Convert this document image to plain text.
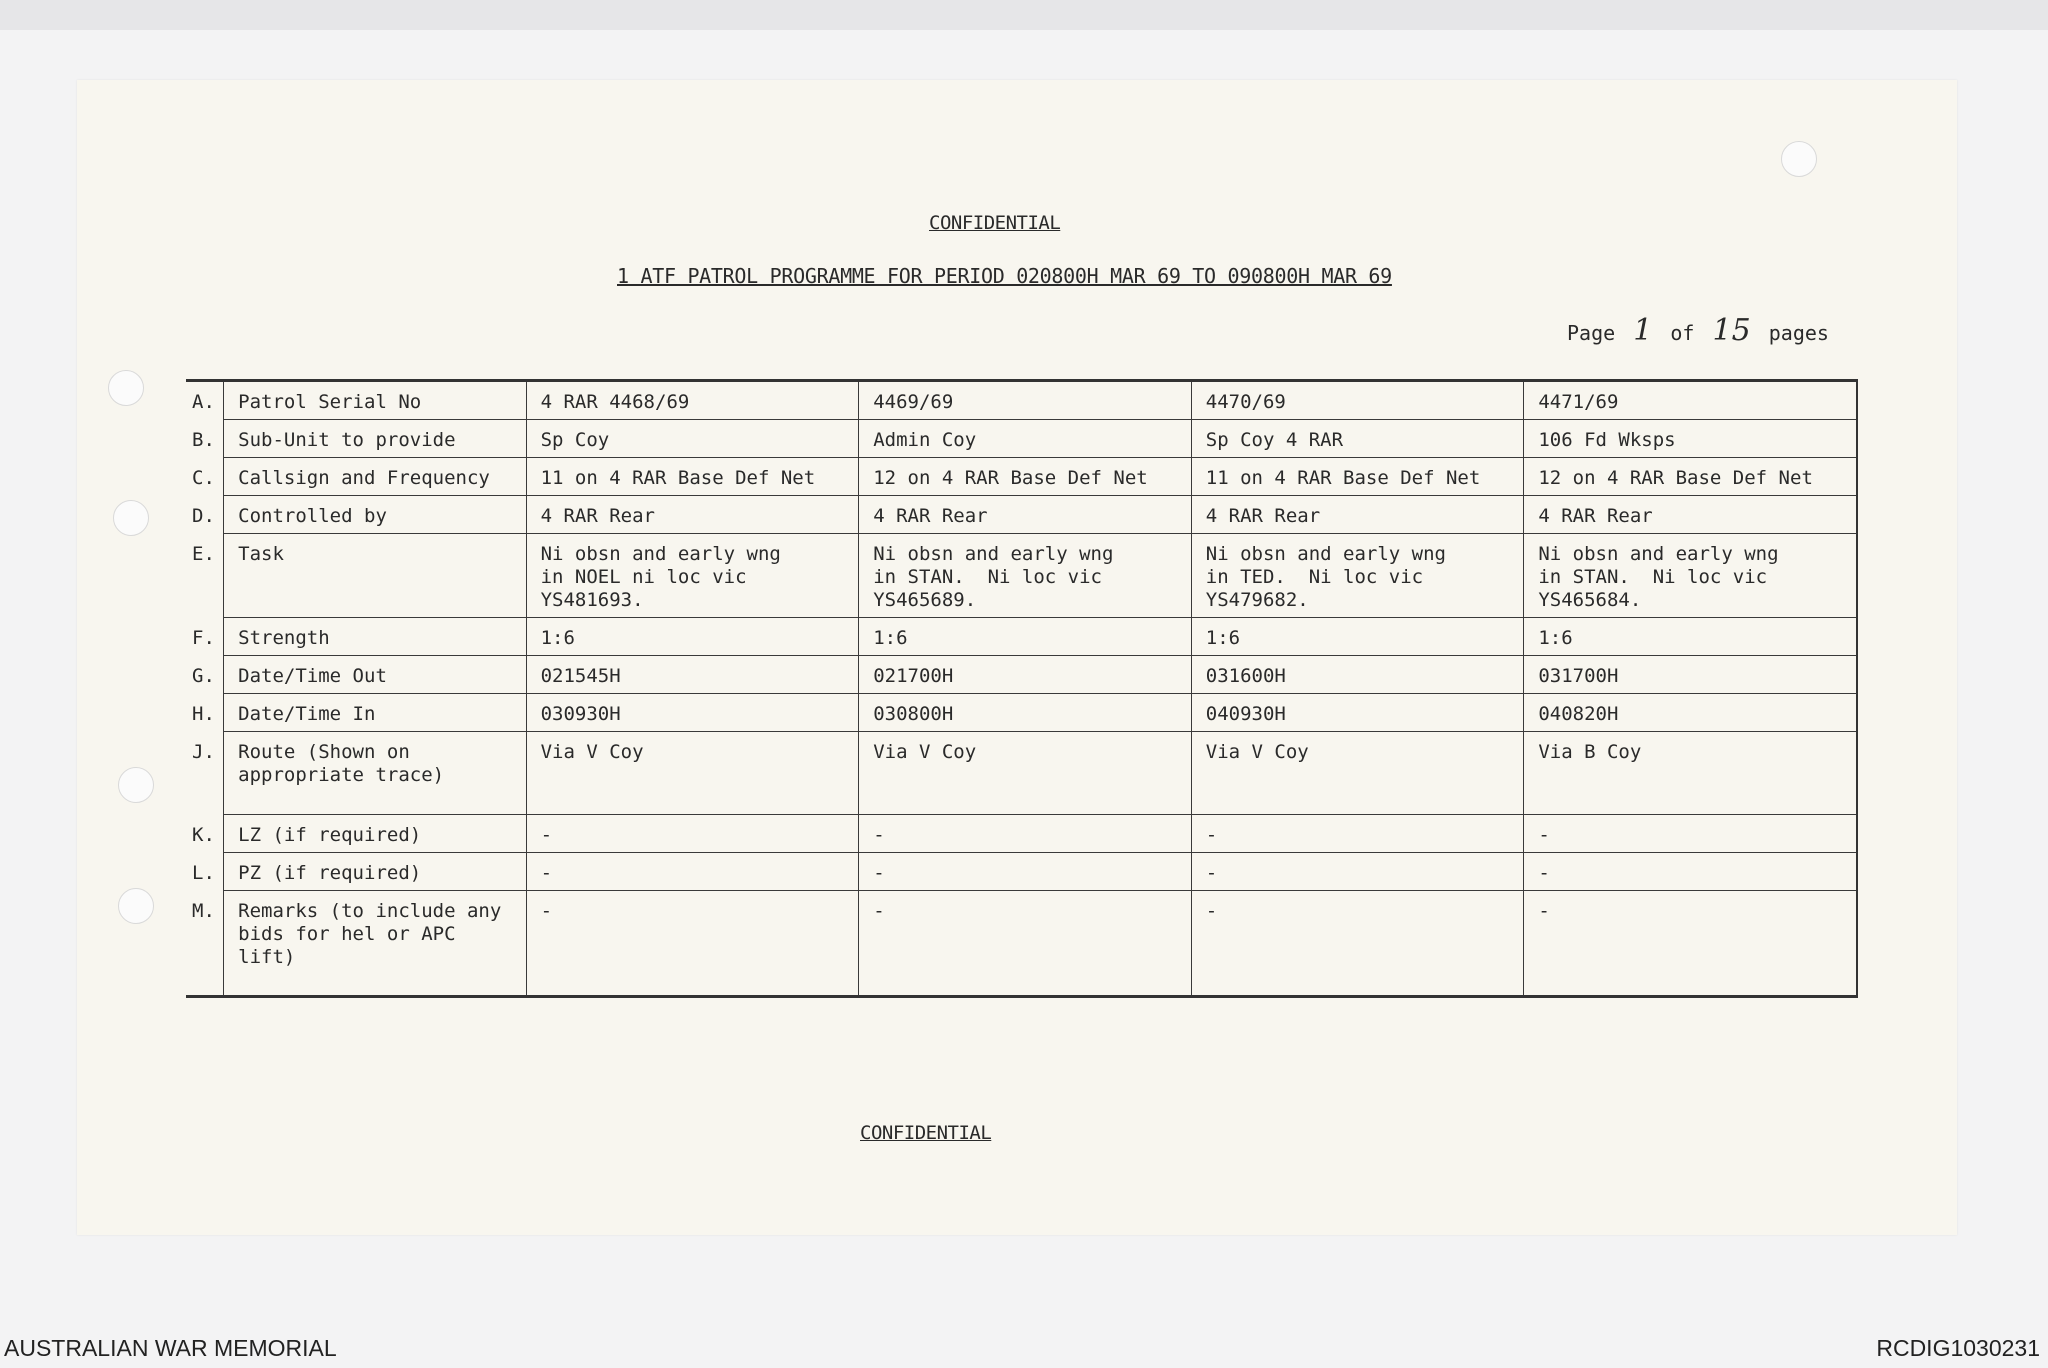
CONFIDENTIAL
1 ATF PATROL PROGRAMME FOR PERIOD 020800H MAR 69 TO 090800H MAR 69
Page 1 of 15 pages
A.	Patrol Serial No	4 RAR 4468/69	4469/69	4470/69	4471/69
B.	Sub-Unit to provide	Sp Coy	Admin Coy	Sp Coy 4 RAR	106 Fd Wksps
C.	Callsign and Frequency	11 on 4 RAR Base Def Net	12 on 4 RAR Base Def Net	11 on 4 RAR Base Def Net	12 on 4 RAR Base Def Net
D.	Controlled by	4 RAR Rear	4 RAR Rear	4 RAR Rear	4 RAR Rear
E.	Task	Ni obsn and early wng
in NOEL ni loc vic
YS481693.	Ni obsn and early wng
in STAN.  Ni loc vic
YS465689.	Ni obsn and early wng
in TED.  Ni loc vic
YS479682.	Ni obsn and early wng
in STAN.  Ni loc vic
YS465684.
F.	Strength	1:6	1:6	1:6	1:6
G.	Date/Time Out	021545H	021700H	031600H	031700H
H.	Date/Time In	030930H	030800H	040930H	040820H
J.	Route (Shown on
appropriate trace)	Via V Coy	Via V Coy	Via V Coy	Via B Coy
K.	LZ (if required)	-	-	-	-
L.	PZ (if required)	-	-	-	-
M.	Remarks (to include any
bids for hel or APC
lift)	-	-	-	-
CONFIDENTIAL
AUSTRALIAN WAR MEMORIAL	RCDIG1030231
